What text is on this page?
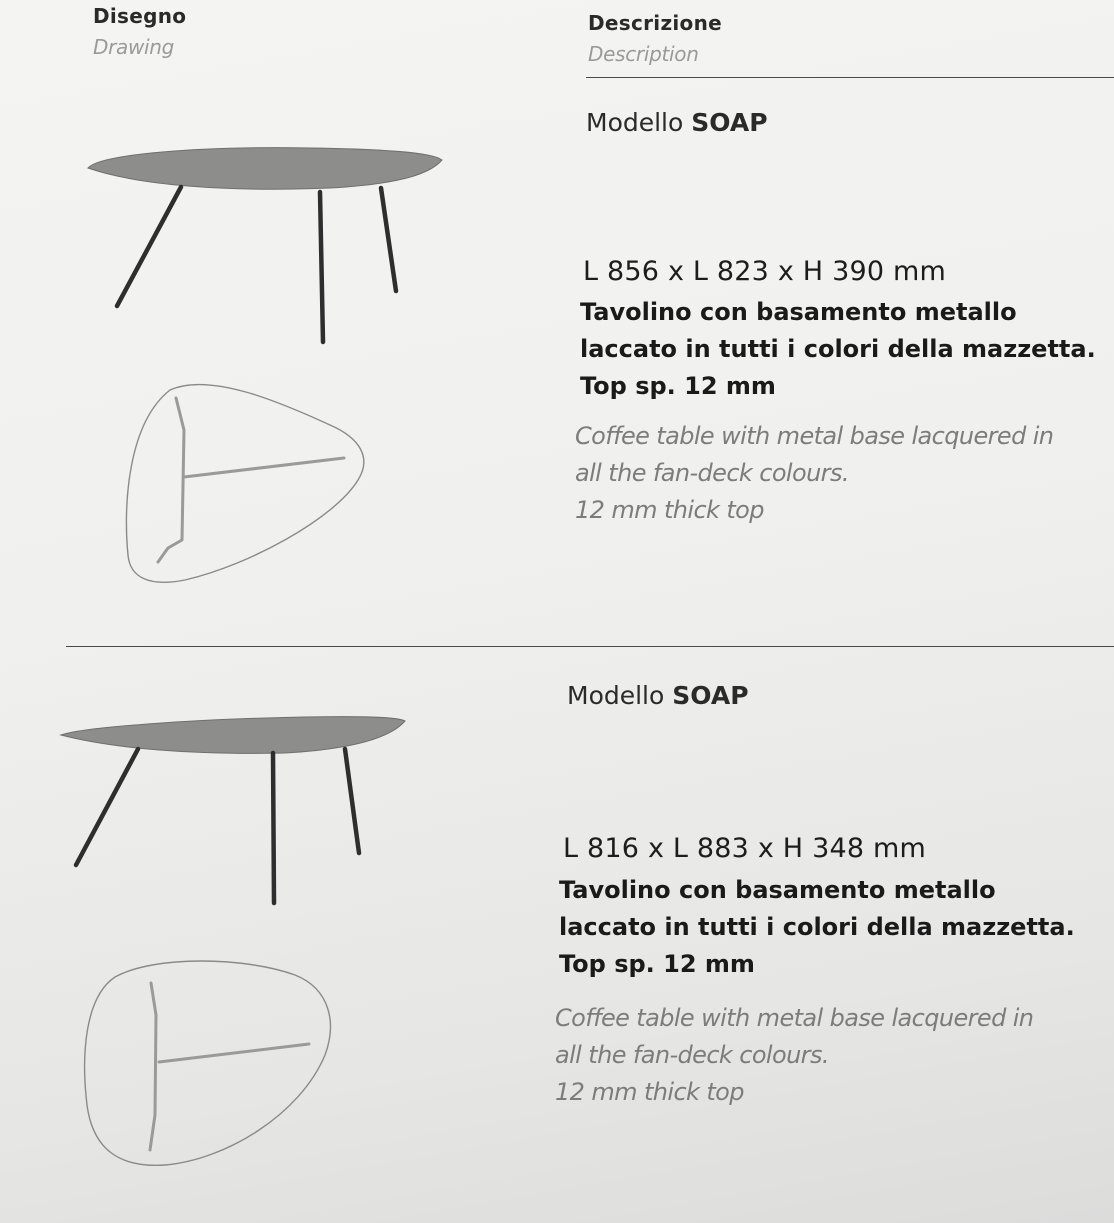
Disegno
Drawing
Descrizione
Description
Modello SOAP
L 856 x L 823 x H 390 mm
Tavolino con basamento metallo
laccato in tutti i colori della mazzetta.
Top sp. 12 mm
Coffee table with metal base lacquered in
all the fan-deck colours.
12 mm thick top
Modello SOAP
L 816 x L 883 x H 348 mm
Tavolino con basamento metallo
laccato in tutti i colori della mazzetta.
Top sp. 12 mm
Coffee table with metal base lacquered in
all the fan-deck colours.
12 mm thick top
